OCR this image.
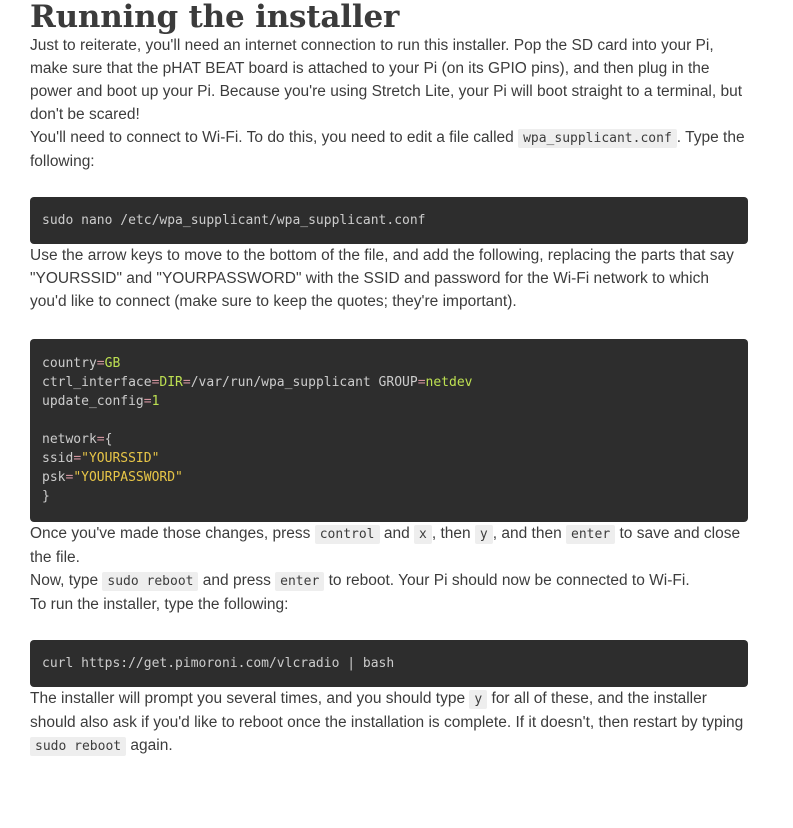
Running the installer

Just to reiterate, you'll need an internet connection to run this installer. Pop the SD card into your Pi, make sure that the pHAT BEAT board is attached to your Pi (on its GPIO pins), and then plug in the power and boot up your Pi. Because you're using Stretch Lite, your Pi will boot straight to a terminal, but don't be scared!

You'll need to connect to Wi-Fi. To do this, you need to edit a file called wpa_supplicant.conf . Type the following:

sudo nano /etc/wpa_supplicant/wpa_supplicant.conf

Use the arrow keys to move to the bottom of the file, and add the following, replacing the parts that say "YOURSSID" and "YOURPASSWORD" with the SSID and password for the Wi-Fi network to which you'd like to connect (make sure to keep the quotes; they're important).

country=GB
ctrl_interface=DIR=/var/run/wpa_supplicant GROUP=netdev
update_config=1

network={
ssid="YOURSSID"
psk="YOURPASSWORD"
}

Once you've made those changes, press control and x , then y , and then enter to save and close the file.

Now, type sudo reboot and press enter to reboot. Your Pi should now be connected to Wi-Fi.

To run the installer, type the following:

curl https://get.pimoroni.com/vlcradio | bash

The installer will prompt you several times, and you should type y for all of these, and the installer should also ask if you'd like to reboot once the installation is complete. If it doesn't, then restart by typing sudo reboot again.
